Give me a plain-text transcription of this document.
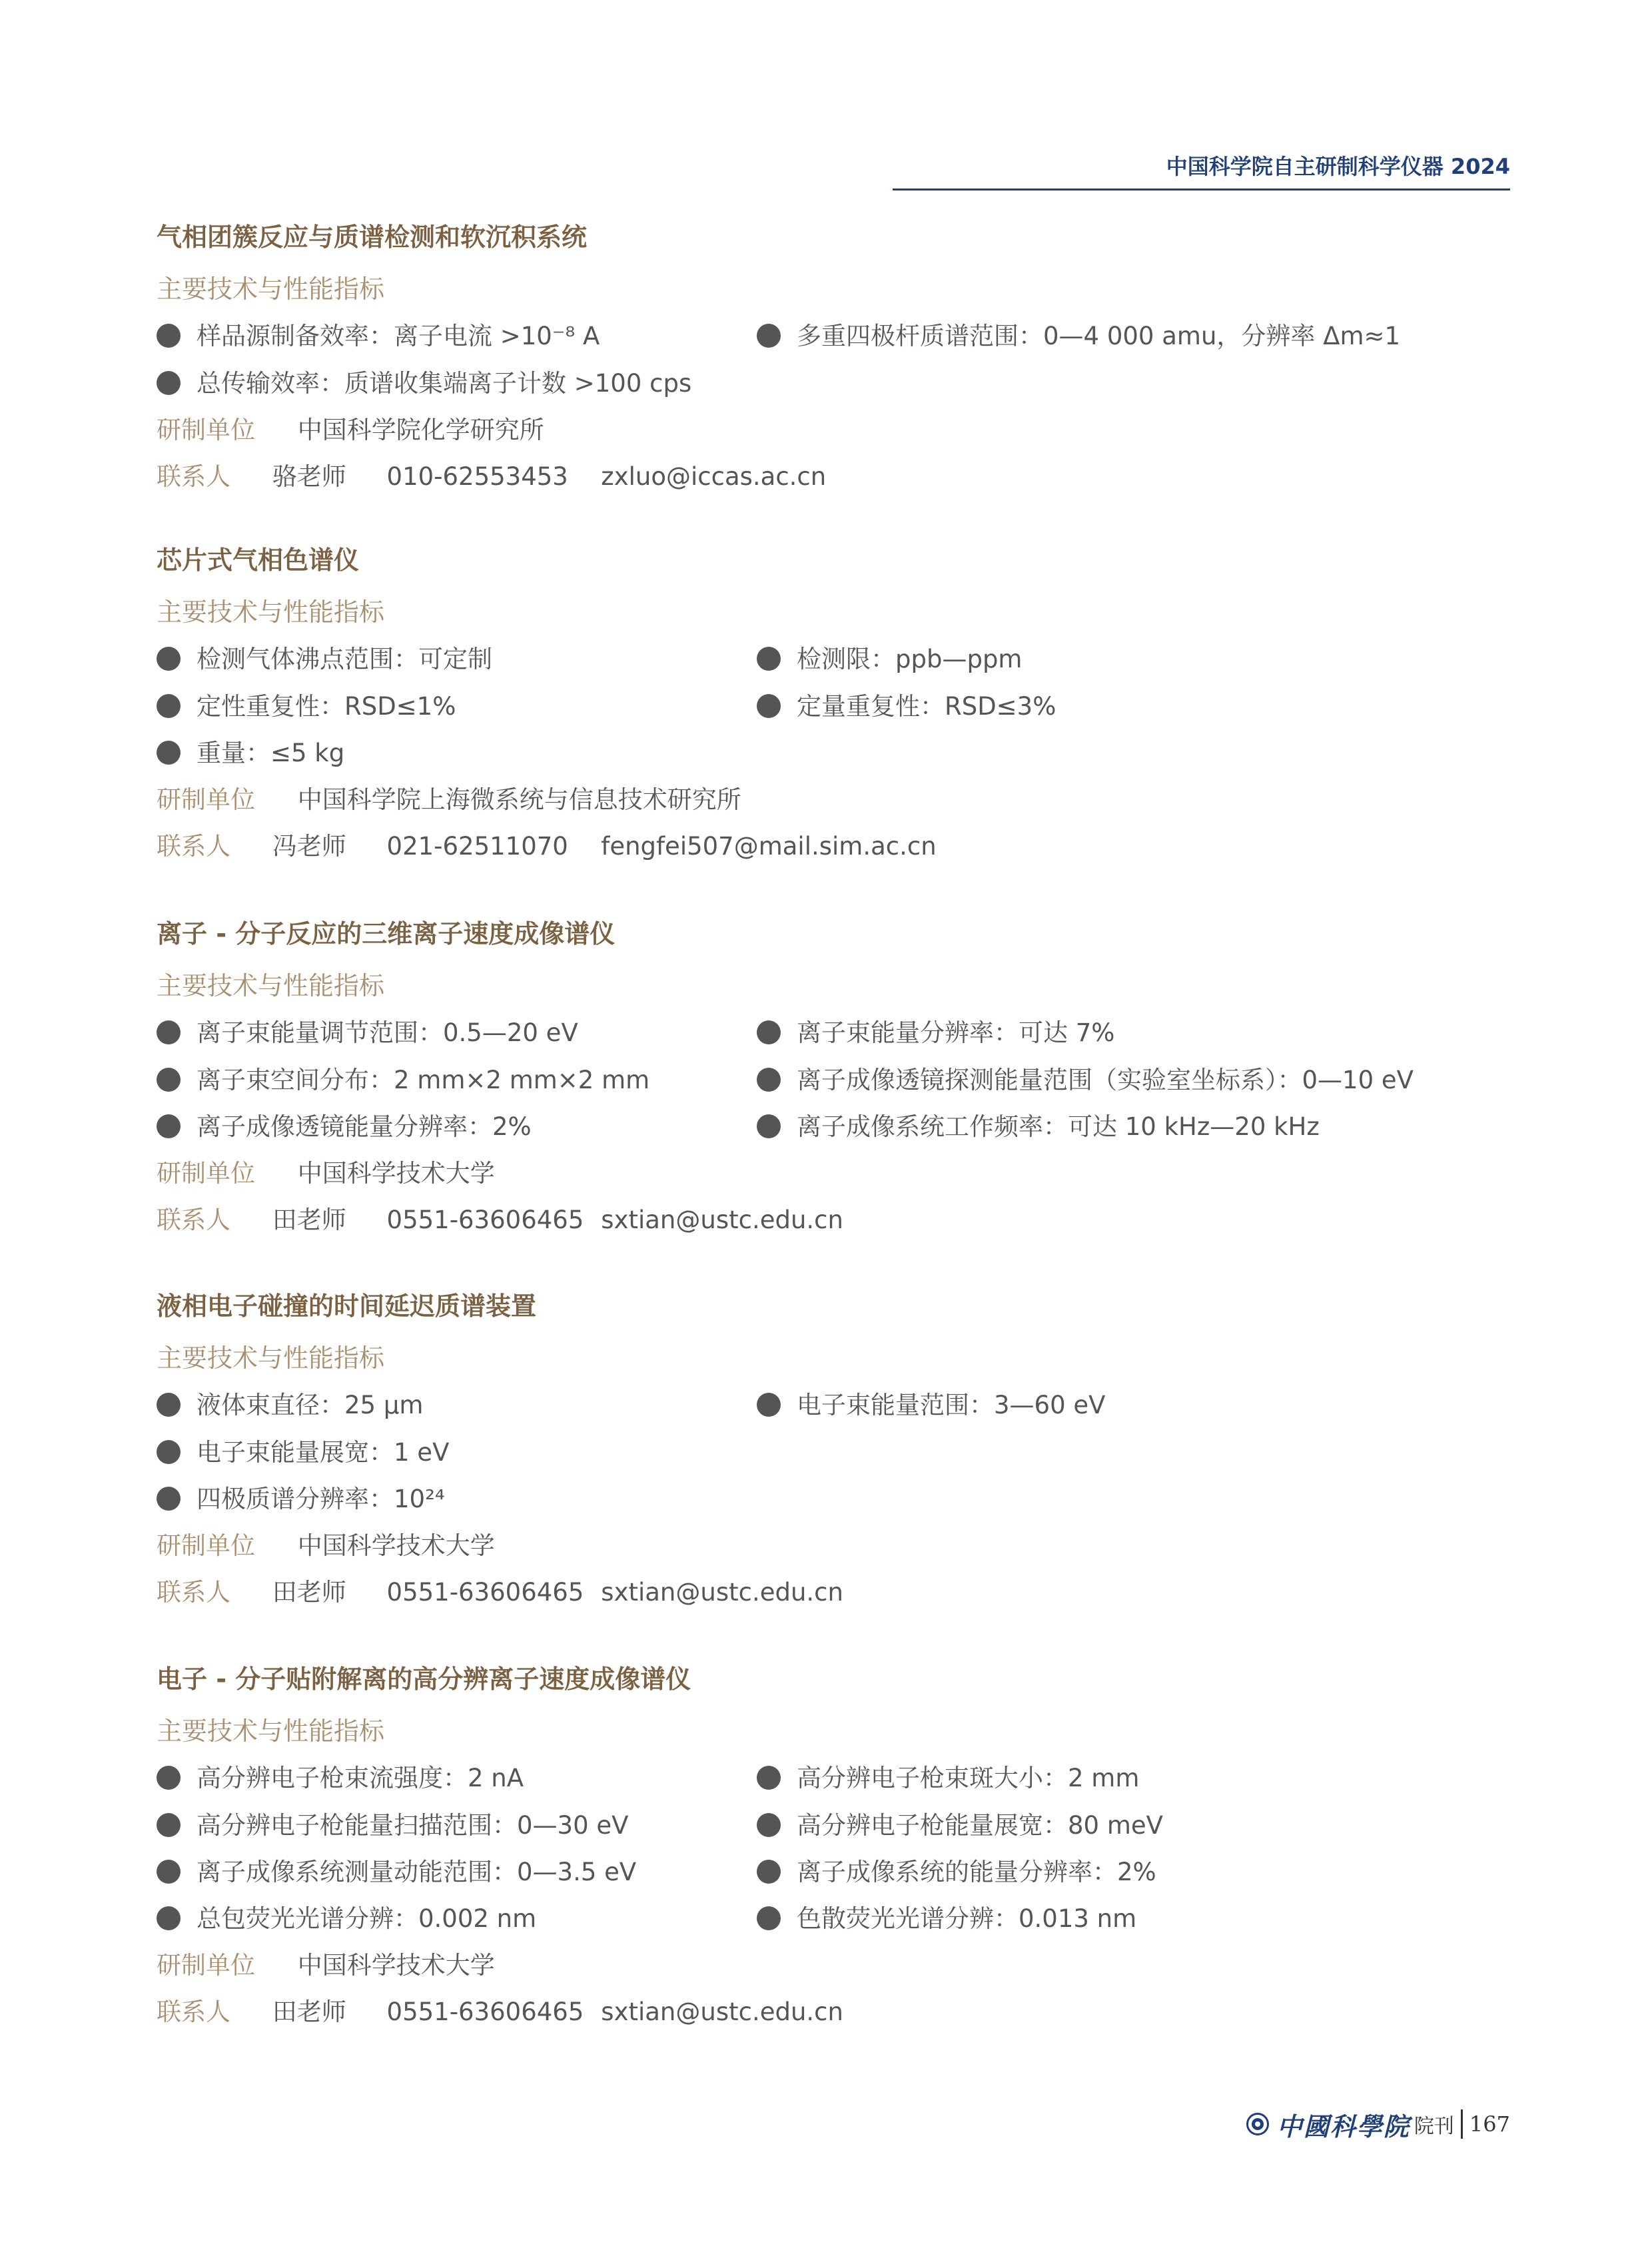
中国科学院自主研制科学仪器 2024
气相团簇反应与质谱检测和软沉积系统
主要技术与性能指标
样品源制备效率：离子电流 >10⁻⁸ A	多重四极杆质谱范围：0—4 000 amu，分辨率 Δm≈1
总传输效率：质谱收集端离子计数 >100 cps
研制单位 中国科学院化学研究所
联系人 骆老师 010-62553453 zxluo@iccas.ac.cn
芯片式气相色谱仪
主要技术与性能指标
检测气体沸点范围：可定制	检测限：ppb—ppm
定性重复性：RSD≤1%	定量重复性：RSD≤3%
重量：≤5 kg
研制单位 中国科学院上海微系统与信息技术研究所
联系人 冯老师 021-62511070 fengfei507@mail.sim.ac.cn
离子 - 分子反应的三维离子速度成像谱仪
主要技术与性能指标
离子束能量调节范围：0.5—20 eV	离子束能量分辨率：可达 7%
离子束空间分布：2 mm×2 mm×2 mm	离子成像透镜探测能量范围（实验室坐标系）：0—10 eV
离子成像透镜能量分辨率：2%	离子成像系统工作频率：可达 10 kHz—20 kHz
研制单位 中国科学技术大学
联系人 田老师 0551-63606465 sxtian@ustc.edu.cn
液相电子碰撞的时间延迟质谱装置
主要技术与性能指标
液体束直径：25 µm	电子束能量范围：3—60 eV
电子束能量展宽：1 eV
四极质谱分辨率：10²⁴
研制单位 中国科学技术大学
联系人 田老师 0551-63606465 sxtian@ustc.edu.cn
电子 - 分子贴附解离的高分辨离子速度成像谱仪
主要技术与性能指标
高分辨电子枪束流强度：2 nA	高分辨电子枪束斑大小：2 mm
高分辨电子枪能量扫描范围：0—30 eV	高分辨电子枪能量展宽：80 meV
离子成像系统测量动能范围：0—3.5 eV	离子成像系统的能量分辨率：2%
总包荧光光谱分辨：0.002 nm	色散荧光光谱分辨：0.013 nm
研制单位 中国科学技术大学
联系人 田老师 0551-63606465 sxtian@ustc.edu.cn
中國科學院 院刊 167
